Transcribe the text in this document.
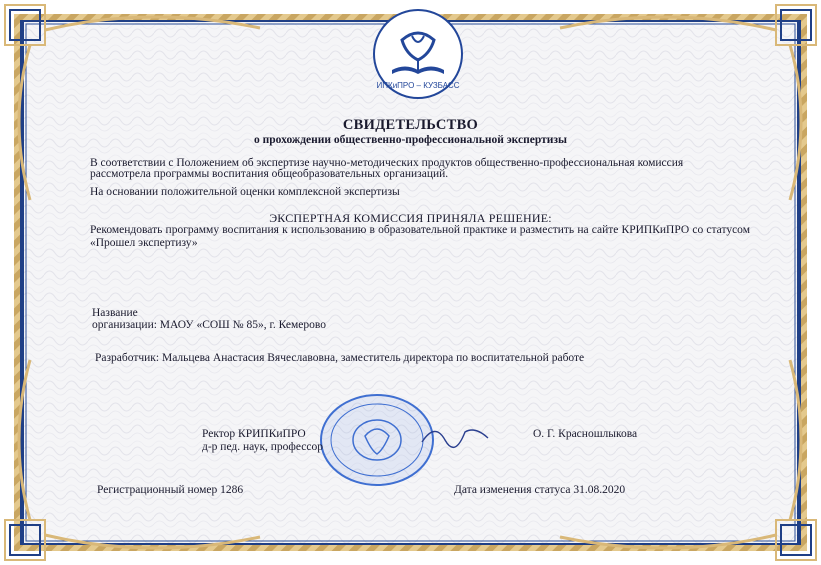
ИПКиПРО – КУЗБАСС
СВИДЕТЕЛЬСТВО
о прохождении общественно-профессиональной экспертизы
В соответствии с Положением об экспертизе научно-методических продуктов общественно-профессиональная комиссия
рассмотрела программы воспитания общеобразовательных организаций.
На основании положительной оценки комплексной экспертизы
ЭКСПЕРТНАЯ КОМИССИЯ ПРИНЯЛА РЕШЕНИЕ:
Рекомендовать программу воспитания к использованию в образовательной практике и разместить на сайте КРИПКиПРО со статусом «Прошел экспертизу»
Название
организации: МАОУ «СОШ № 85», г. Кемерово
Разработчик: Мальцева Анастасия Вячеславовна, заместитель директора по воспитательной работе
Ректор КРИПКиПРО
д-р пед. наук, профессор
О. Г. Красношлыкова
Регистрационный номер 1286	Дата изменения статуса 31.08.2020
